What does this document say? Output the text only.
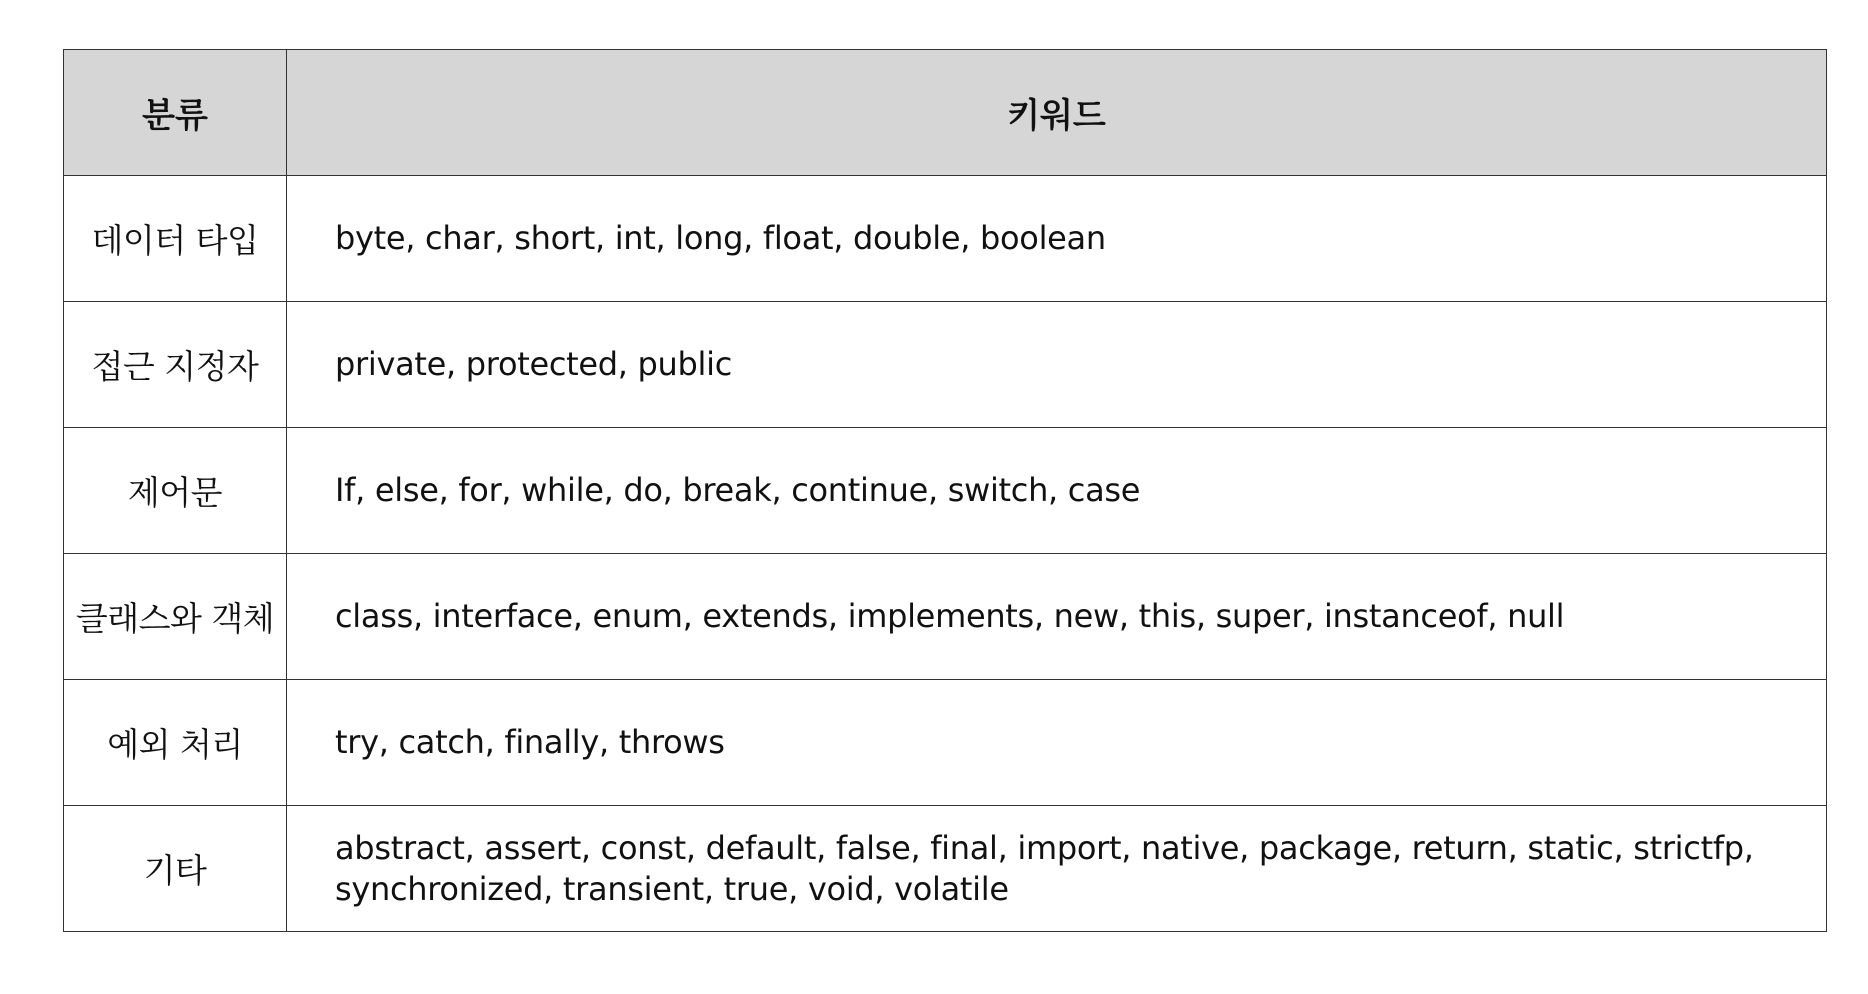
분류	키워드
데이터 타입	byte, char, short, int, long, float, double, boolean
접근 지정자	private, protected, public
제어문	If, else, for, while, do, break, continue, switch, case
클래스와 객체	class, interface, enum, extends, implements, new, this, super, instanceof, null
예외 처리	try, catch, finally, throws
기타	abstract, assert, const, default, false, final, import, native, package, return, static, strictfp, synchronized, transient, true, void, volatile
